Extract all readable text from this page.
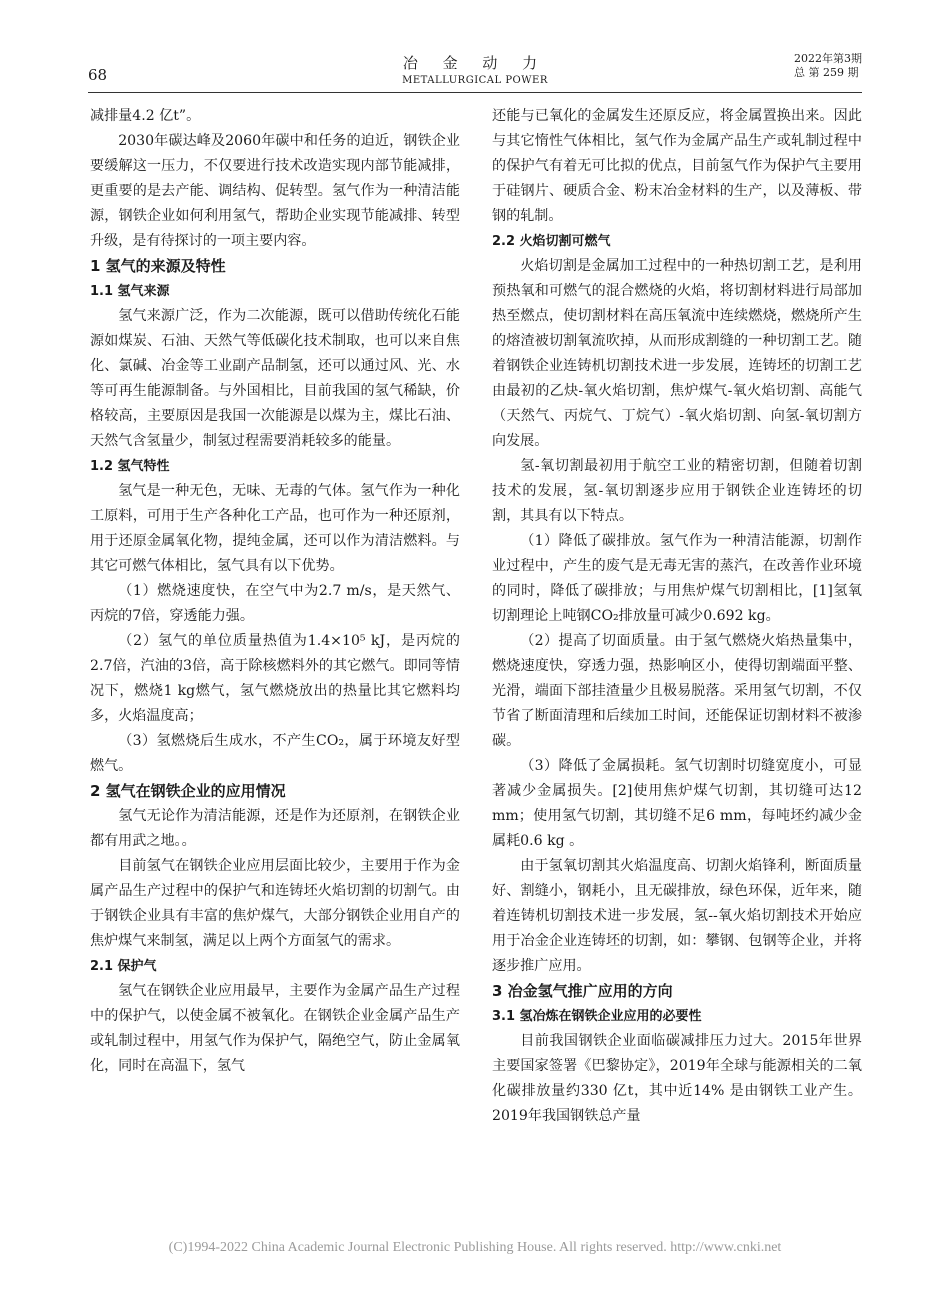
68
冶 金 动 力
METALLURGICAL POWER
2022年第3期
总 第 259 期

减排量4.2 亿t”。

2030年碳达峰及2060年碳中和任务的迫近，钢铁企业要缓解这一压力，不仅要进行技术改造实现内部节能减排，更重要的是去产能、调结构、促转型。氢气作为一种清洁能源，钢铁企业如何利用氢气，帮助企业实现节能减排、转型升级，是有待探讨的一项主要内容。

1 氢气的来源及特性
1.1 氢气来源

氢气来源广泛，作为二次能源，既可以借助传统化石能源如煤炭、石油、天然气等低碳化技术制取，也可以来自焦化、氯碱、冶金等工业副产品制氢，还可以通过风、光、水等可再生能源制备。与外国相比，目前我国的氢气稀缺，价格较高，主要原因是我国一次能源是以煤为主，煤比石油、天然气含氢量少，制氢过程需要消耗较多的能量。

1.2 氢气特性

氢气是一种无色，无味、无毒的气体。氢气作为一种化工原料，可用于生产各种化工产品，也可作为一种还原剂，用于还原金属氧化物，提纯金属，还可以作为清洁燃料。与其它可燃气体相比，氢气具有以下优势。

（1）燃烧速度快，在空气中为2.7 m/s，是天然气、丙烷的7倍，穿透能力强。

（2）氢气的单位质量热值为1.4×10⁵ kJ，是丙烷的2.7倍，汽油的3倍，高于除核燃料外的其它燃气。即同等情况下，燃烧1 kg燃气，氢气燃烧放出的热量比其它燃料均多，火焰温度高；

（3）氢燃烧后生成水，不产生CO₂，属于环境友好型燃气。

2 氢气在钢铁企业的应用情况

氢气无论作为清洁能源，还是作为还原剂，在钢铁企业都有用武之地。。

目前氢气在钢铁企业应用层面比较少，主要用于作为金属产品生产过程中的保护气和连铸坯火焰切割的切割气。由于钢铁企业具有丰富的焦炉煤气，大部分钢铁企业用自产的焦炉煤气来制氢，满足以上两个方面氢气的需求。

2.1 保护气

氢气在钢铁企业应用最早，主要作为金属产品生产过程中的保护气，以使金属不被氧化。在钢铁企业金属产品生产或轧制过程中，用氢气作为保护气，隔绝空气，防止金属氧化，同时在高温下，氢气

还能与已氧化的金属发生还原反应，将金属置换出来。因此与其它惰性气体相比，氢气作为金属产品生产或轧制过程中的保护气有着无可比拟的优点，目前氢气作为保护气主要用于硅钢片、硬质合金、粉末冶金材料的生产，以及薄板、带钢的轧制。

2.2 火焰切割可燃气

火焰切割是金属加工过程中的一种热切割工艺，是利用预热氧和可燃气的混合燃烧的火焰，将切割材料进行局部加热至燃点，使切割材料在高压氧流中连续燃烧，燃烧所产生的熔渣被切割氧流吹掉，从而形成割缝的一种切割工艺。随着钢铁企业连铸机切割技术进一步发展，连铸坯的切割工艺由最初的乙炔-氧火焰切割，焦炉煤气-氧火焰切割、高能气（天然气、丙烷气、丁烷气）-氧火焰切割、向氢-氧切割方向发展。

氢-氧切割最初用于航空工业的精密切割，但随着切割技术的发展，氢-氧切割逐步应用于钢铁企业连铸坯的切割，其具有以下特点。

（1）降低了碳排放。氢气作为一种清洁能源，切割作业过程中，产生的废气是无毒无害的蒸汽，在改善作业环境的同时，降低了碳排放；与用焦炉煤气切割相比，[1]氢氧切割理论上吨钢CO₂排放量可减少0.692 kg。

（2）提高了切面质量。由于氢气燃烧火焰热量集中，燃烧速度快，穿透力强，热影响区小，使得切割端面平整、光滑，端面下部挂渣量少且极易脱落。采用氢气切割，不仅节省了断面清理和后续加工时间，还能保证切割材料不被渗碳。

（3）降低了金属损耗。氢气切割时切缝宽度小，可显著减少金属损失。[2]使用焦炉煤气切割，其切缝可达12 mm；使用氢气切割，其切缝不足6 mm，每吨坯约减少金属耗0.6 kg 。

由于氢氧切割其火焰温度高、切割火焰锋利，断面质量好、割缝小，钢耗小，且无碳排放，绿色环保，近年来，随着连铸机切割技术进一步发展，氢--氧火焰切割技术开始应用于冶金企业连铸坯的切割，如：攀钢、包钢等企业，并将逐步推广应用。

3 冶金氢气推广应用的方向
3.1 氢冶炼在钢铁企业应用的必要性

目前我国钢铁企业面临碳减排压力过大。2015年世界主要国家签署《巴黎协定》，2019年全球与能源相关的二氧化碳排放量约330 亿t，其中近14% 是由钢铁工业产生。2019年我国钢铁总产量

(C)1994-2022 China Academic Journal Electronic Publishing House. All rights reserved. http://www.cnki.net
